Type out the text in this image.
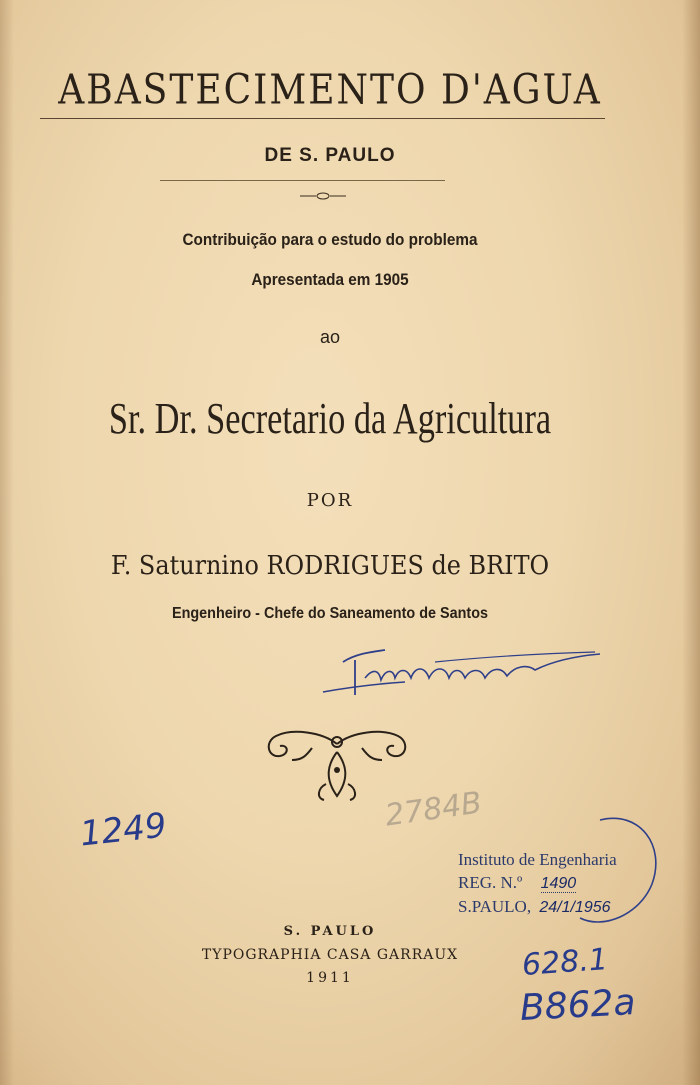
ABASTECIMENTO D'AGUA
DE S. PAULO
Contribuição para o estudo do problema
Apresentada em 1905
ao
Sr. Dr. Secretario da Agricultura
POR
F. Saturnino RODRIGUES de BRITO
Engenheiro - Chefe do Saneamento de Santos
1249	2784B
Instituto de Engenharia
REG. N.º 1490
S.PAULO, 24/1/1956
S. PAULO
TYPOGRAPHIA CASA GARRAUX
1911	628.1
B862a
